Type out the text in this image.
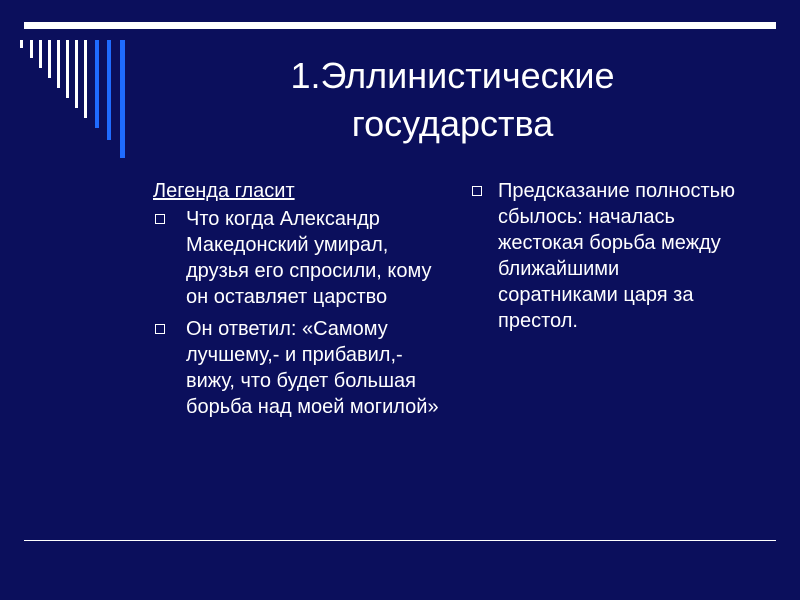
1.Эллинистические государства
Легенда гласит
Что когда Александр Македонский умирал, друзья его спросили, кому он оставляет царство
Он ответил: «Самому лучшему,- и прибавил,- вижу, что будет большая борьба над моей могилой»
Предсказание полностью сбылось: началась жестокая борьба между ближайшими соратниками царя за престол.
